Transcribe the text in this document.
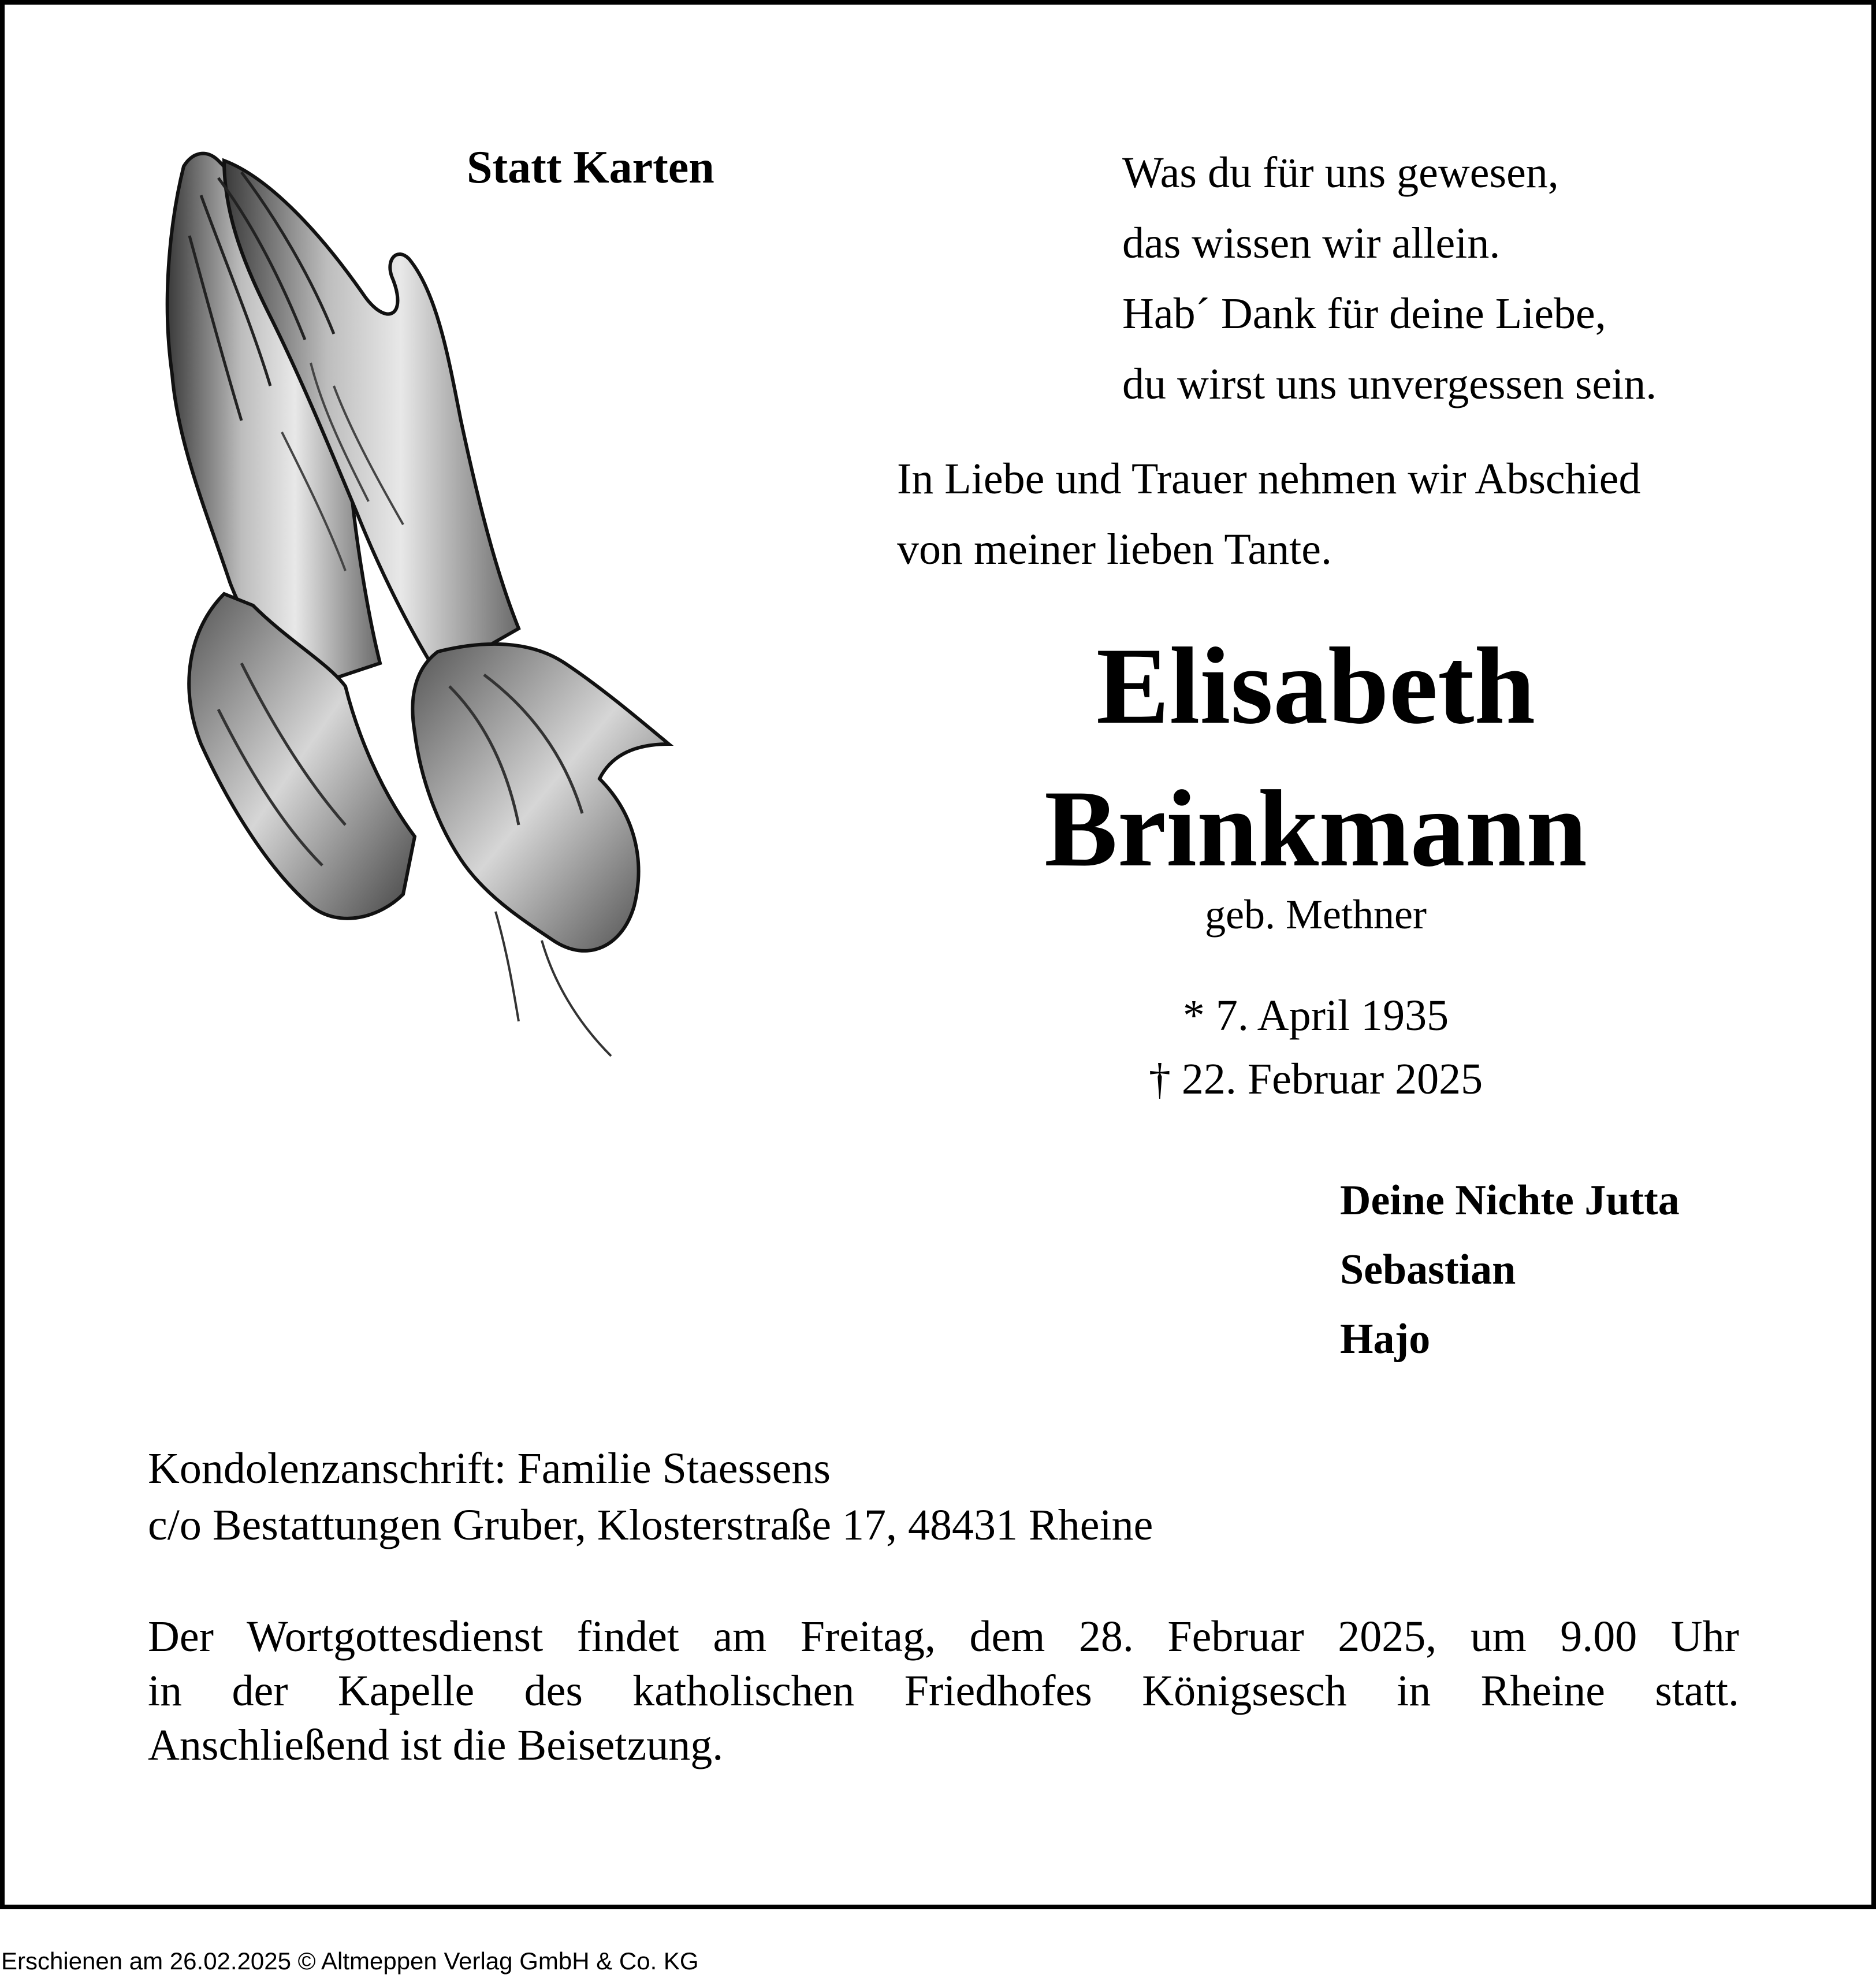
Statt Karten	Was du für uns gewesen,
das wissen wir allein.
Hab´ Dank für deine Liebe,
du wirst uns unvergessen sein.
In Liebe und Trauer nehmen wir Abschied
von meiner lieben Tante.
Elisabeth
Brinkmann
geb. Methner
* 7. April 1935
† 22. Februar 2025
Deine Nichte Jutta
Sebastian
Hajo
Kondolenzanschrift: Familie Staessens
c/o Bestattungen Gruber, Klosterstraße 17, 48431 Rheine
Der Wortgottesdienst findet am Freitag, dem 28. Februar 2025, um 9.00 Uhr
in der Kapelle des katholischen Friedhofes Königsesch in Rheine statt.
Anschließend ist die Beisetzung.
Erschienen am 26.02.2025 © Altmeppen Verlag GmbH & Co. KG
